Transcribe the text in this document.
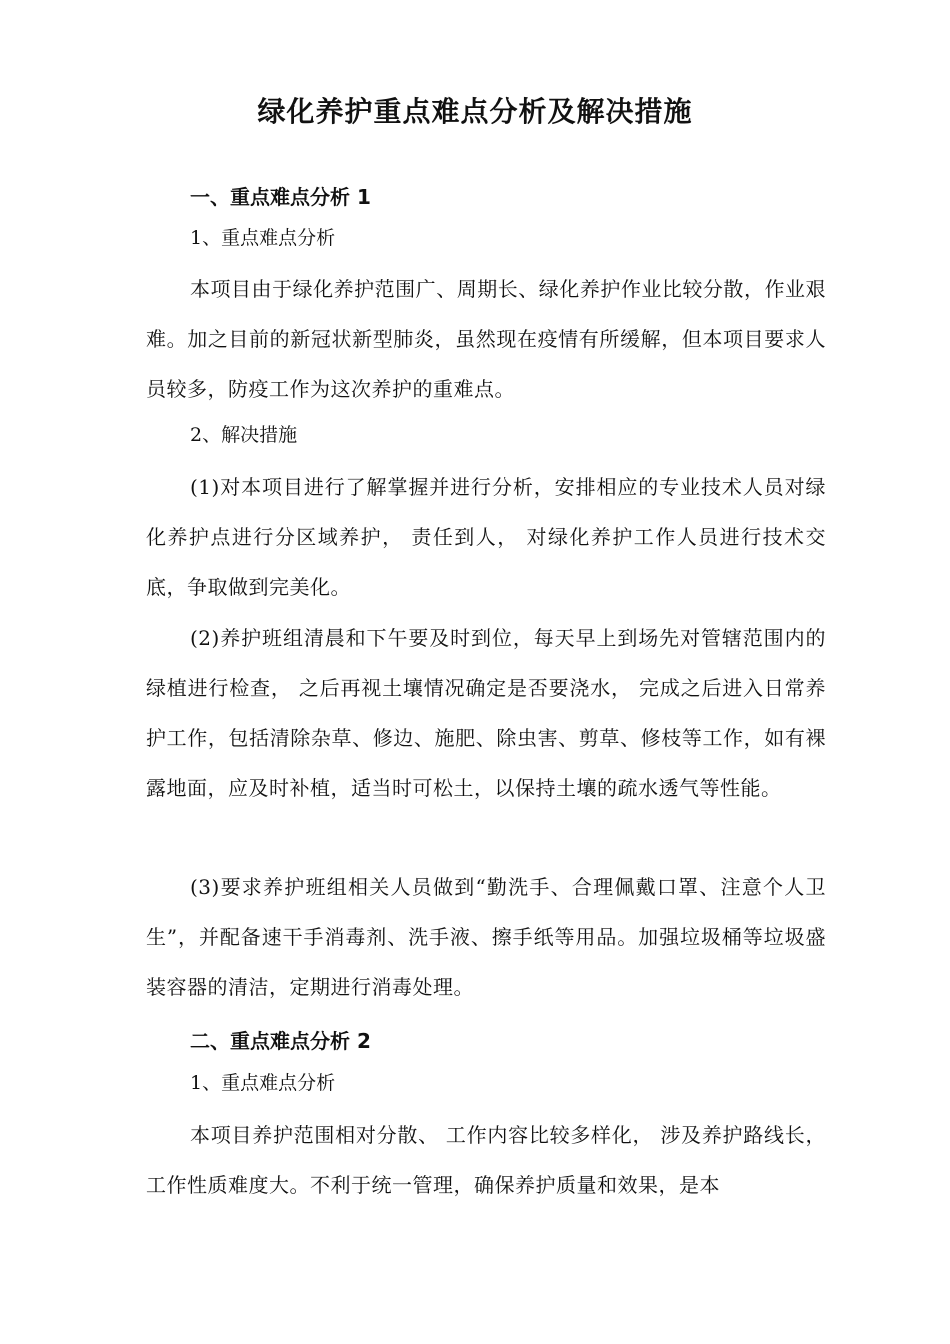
绿化养护重点难点分析及解决措施
一、重点难点分析 1
1、重点难点分析
本项目由于绿化养护范围广、周期长、绿化养护作业比较分散，作业艰难。加之目前的新冠状新型肺炎，虽然现在疫情有所缓解，但本项目要求人员较多，防疫工作为这次养护的重难点。
2、解决措施
(1)对本项目进行了解掌握并进行分析，安排相应的专业技术人员对绿化养护点进行分区域养护， 责任到人， 对绿化养护工作人员进行技术交底，争取做到完美化。
(2)养护班组清晨和下午要及时到位，每天早上到场先对管辖范围内的绿植进行检查， 之后再视土壤情况确定是否要浇水， 完成之后进入日常养护工作，包括清除杂草、修边、施肥、除虫害、剪草、修枝等工作，如有裸露地面，应及时补植，适当时可松土，以保持土壤的疏水透气等性能。
(3)要求养护班组相关人员做到“勤洗手、合理佩戴口罩、注意个人卫生”，并配备速干手消毒剂、洗手液、擦手纸等用品。加强垃圾桶等垃圾盛装容器的清洁，定期进行消毒处理。
二、重点难点分析 2
1、重点难点分析
本项目养护范围相对分散、 工作内容比较多样化， 涉及养护路线长，工作性质难度大。不利于统一管理，确保养护质量和效果，是本
